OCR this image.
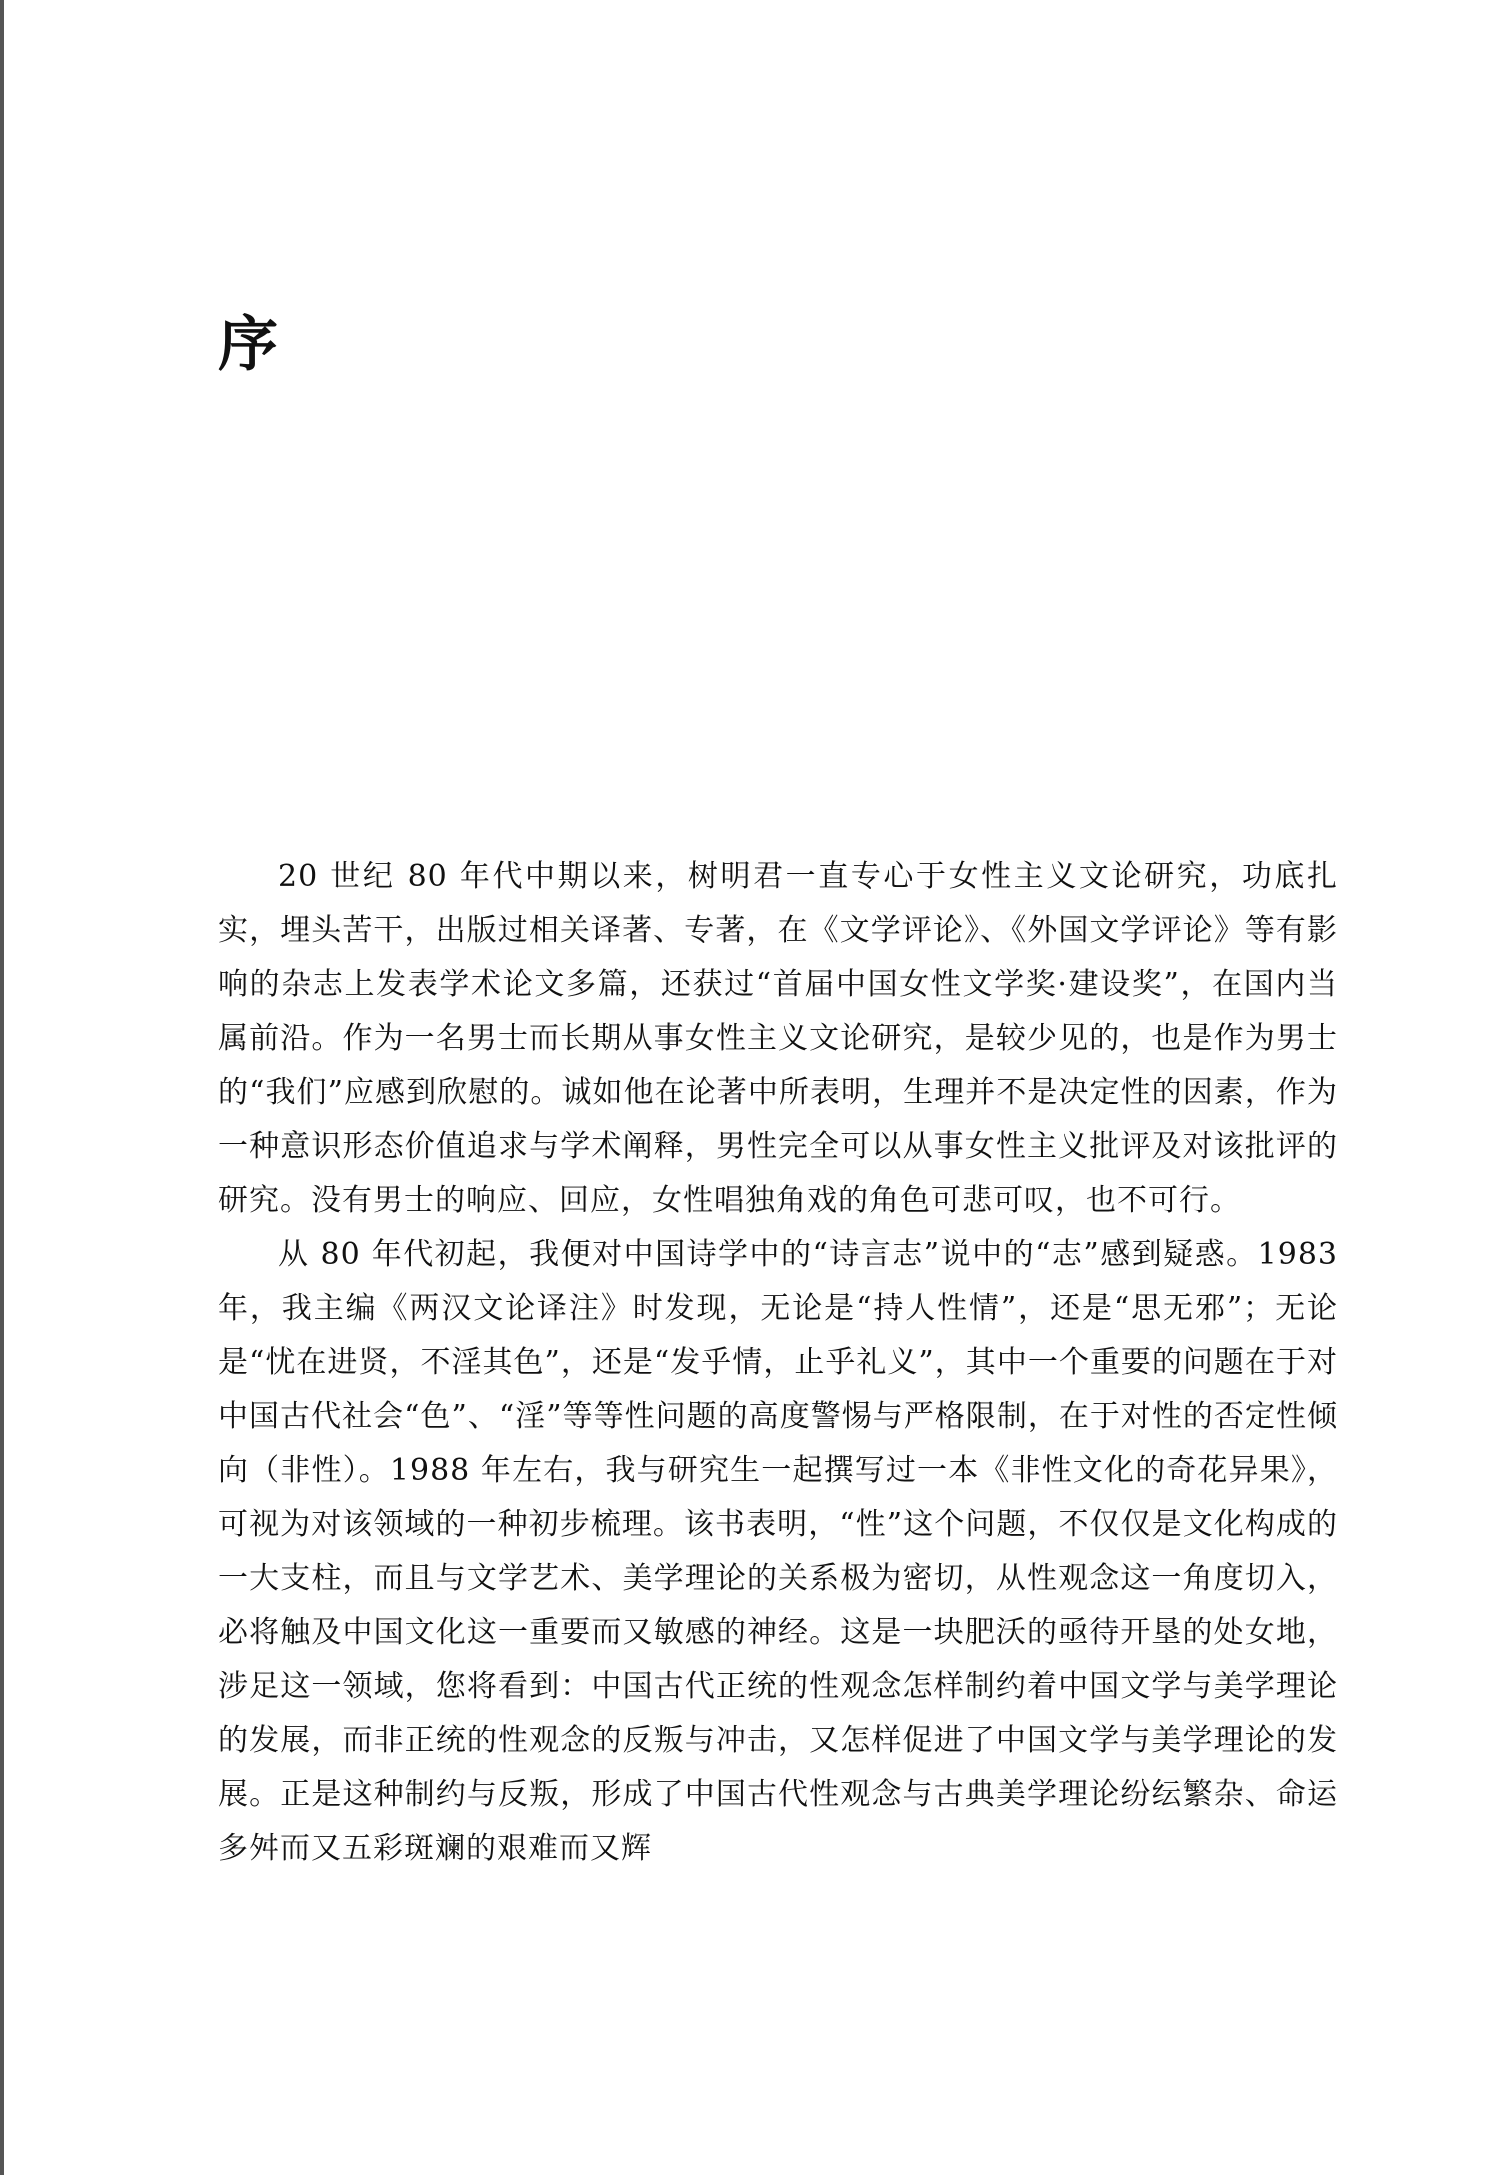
序

20 世纪 80 年代中期以来，树明君一直专心于女性主义文论研究，功底扎实，埋头苦干，出版过相关译著、专著，在《文学评论》、《外国文学评论》等有影响的杂志上发表学术论文多篇，还获过“首届中国女性文学奖·建设奖”，在国内当属前沿。作为一名男士而长期从事女性主义文论研究，是较少见的，也是作为男士的“我们”应感到欣慰的。诚如他在论著中所表明，生理并不是决定性的因素，作为一种意识形态价值追求与学术阐释，男性完全可以从事女性主义批评及对该批评的研究。没有男士的响应、回应，女性唱独角戏的角色可悲可叹，也不可行。

从 80 年代初起，我便对中国诗学中的“诗言志”说中的“志”感到疑惑。1983 年，我主编《两汉文论译注》时发现，无论是“持人性情”，还是“思无邪”；无论是“忧在进贤，不淫其色”，还是“发乎情，止乎礼义”，其中一个重要的问题在于对中国古代社会“色”、“淫”等等性问题的高度警惕与严格限制，在于对性的否定性倾向（非性）。1988 年左右，我与研究生一起撰写过一本《非性文化的奇花异果》，可视为对该领域的一种初步梳理。该书表明，“性”这个问题，不仅仅是文化构成的一大支柱，而且与文学艺术、美学理论的关系极为密切，从性观念这一角度切入，必将触及中国文化这一重要而又敏感的神经。这是一块肥沃的亟待开垦的处女地，涉足这一领域，您将看到：中国古代正统的性观念怎样制约着中国文学与美学理论的发展，而非正统的性观念的反叛与冲击，又怎样促进了中国文学与美学理论的发展。正是这种制约与反叛，形成了中国古代性观念与古典美学理论纷纭繁杂、命运多舛而又五彩斑斓的艰难而又辉
